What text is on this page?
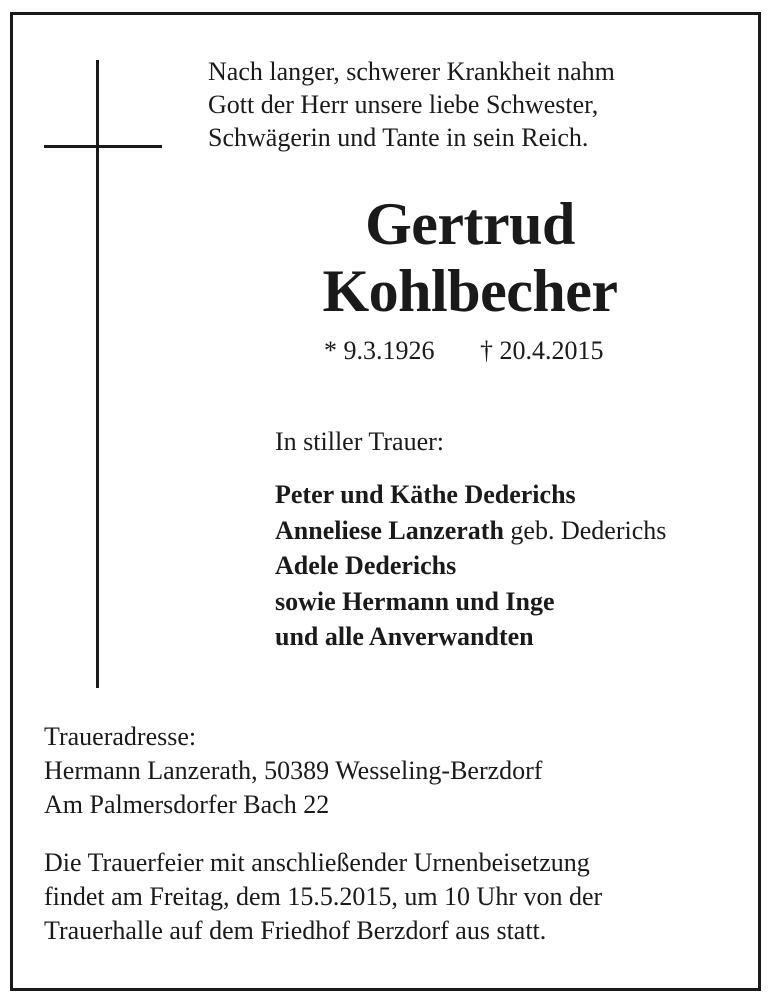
Nach langer, schwerer Krankheit nahm
Gott der Herr unsere liebe Schwester,
Schwägerin und Tante in sein Reich.
Gertrud
Kohlbecher
* 9.3.1926 † 20.4.2015
In stiller Trauer:
Peter und Käthe Dederichs
Anneliese Lanzerath geb. Dederichs
Adele Dederichs
sowie Hermann und Inge
und alle Anverwandten
Traueradresse:
Hermann Lanzerath, 50389 Wesseling-Berzdorf
Am Palmersdorfer Bach 22
Die Trauerfeier mit anschließender Urnenbeisetzung
findet am Freitag, dem 15.5.2015, um 10 Uhr von der
Trauerhalle auf dem Friedhof Berzdorf aus statt.
